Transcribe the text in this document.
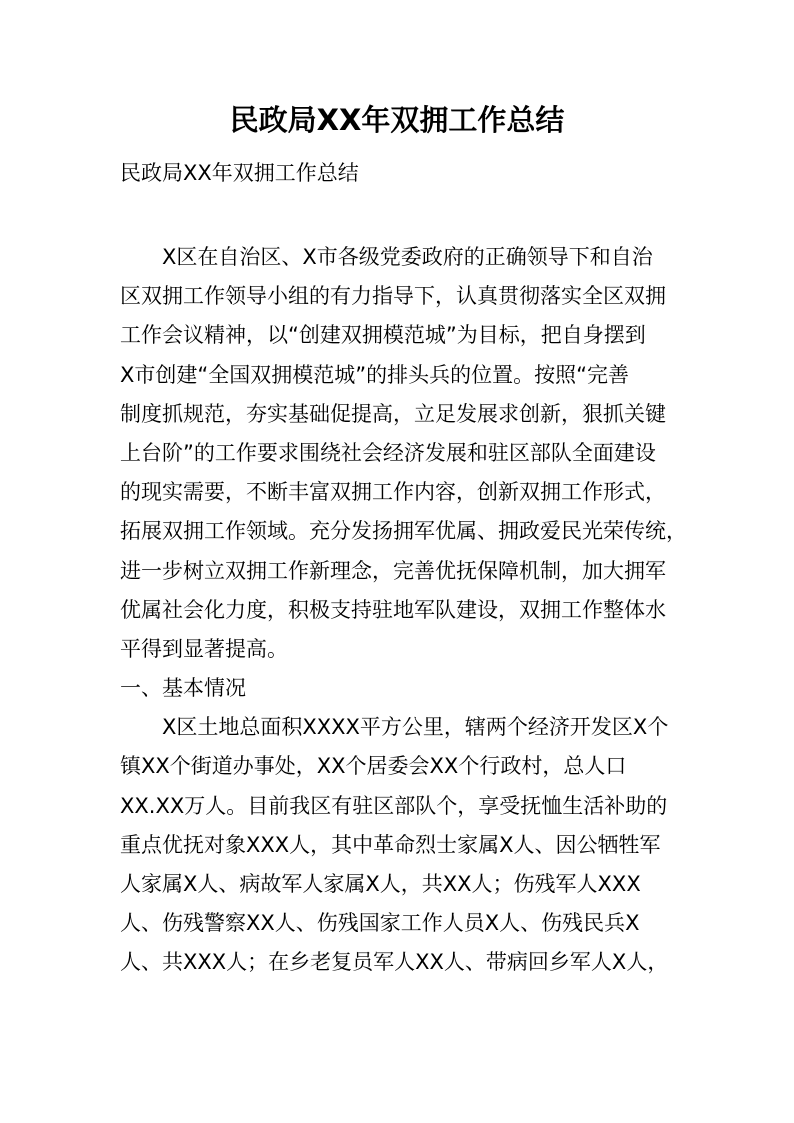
民政局XX年双拥工作总结

民政局XX年双拥工作总结

　　X区在自治区、X市各级党委政府的正确领导下和自治
区双拥工作领导小组的有力指导下，认真贯彻落实全区双拥
工作会议精神，以“创建双拥模范城”为目标，把自身摆到
X市创建“全国双拥模范城”的排头兵的位置。按照“完善
制度抓规范，夯实基础促提高，立足发展求创新，狠抓关键
上台阶”的工作要求围绕社会经济发展和驻区部队全面建设
的现实需要，不断丰富双拥工作内容，创新双拥工作形式，
拓展双拥工作领域。充分发扬拥军优属、拥政爱民光荣传统，
进一步树立双拥工作新理念，完善优抚保障机制，加大拥军
优属社会化力度，积极支持驻地军队建设，双拥工作整体水
平得到显著提高。
一、基本情况
　　X区土地总面积XXXX平方公里，辖两个经济开发区X个
镇XX个街道办事处，XX个居委会XX个行政村，总人口
XX.XX万人。目前我区有驻区部队个，享受抚恤生活补助的
重点优抚对象XXX人，其中革命烈士家属X人、因公牺牲军
人家属X人、病故军人家属X人，共XX人；伤残军人XXX
人、伤残警察XX人、伤残国家工作人员X人、伤残民兵X
人、共XXX人；在乡老复员军人XX人、带病回乡军人X人，
